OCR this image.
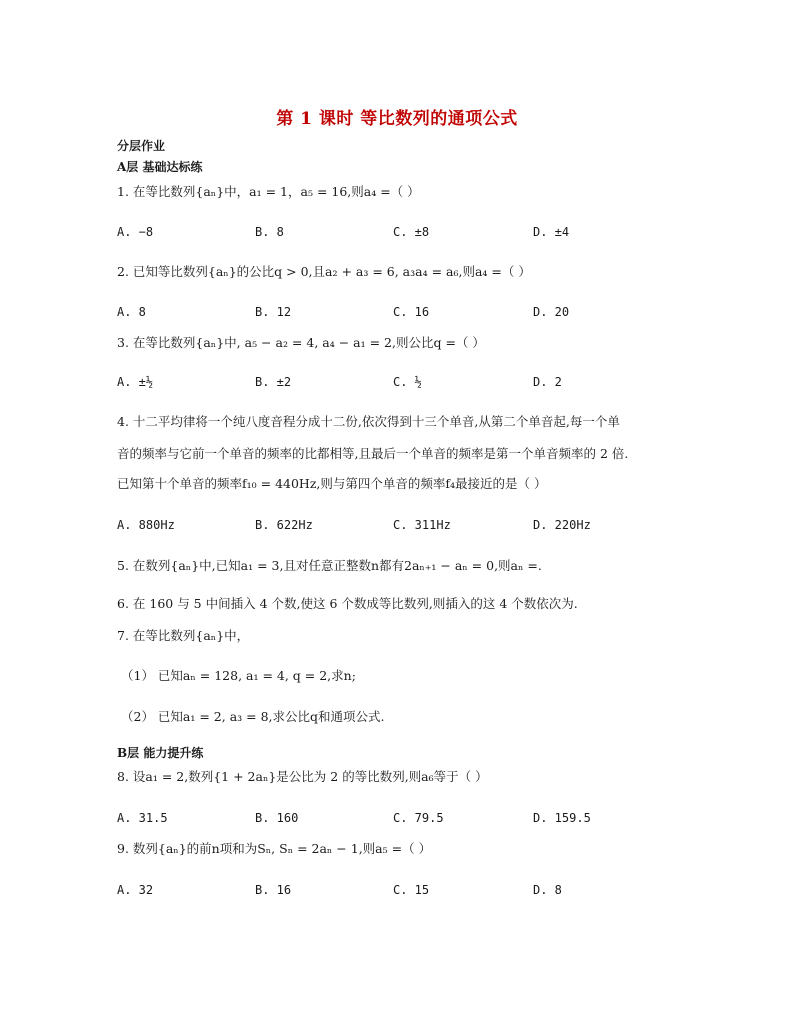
第 1 课时 等比数列的通项公式
分层作业
A层 基础达标练
1. 在等比数列{aₙ}中，a₁ = 1，a₅ = 16,则a₄ =（ ）
A. −8	B. 8	C. ±8	D. ±4
2. 已知等比数列{aₙ}的公比q > 0,且a₂ + a₃ = 6, a₃a₄ = a₆,则a₄ =（ ）
A. 8	B. 12	C. 16	D. 20
3. 在等比数列{aₙ}中, a₅ − a₂ = 4, a₄ − a₁ = 2,则公比q =（ ）
A. ±½	B. ±2	C. ½	D. 2
4. 十二平均律将一个纯八度音程分成十二份,依次得到十三个单音,从第二个单音起,每一个单
音的频率与它前一个单音的频率的比都相等,且最后一个单音的频率是第一个单音频率的 2 倍.
已知第十个单音的频率f₁₀ = 440Hz,则与第四个单音的频率f₄最接近的是（ ）
A. 880Hz	B. 622Hz	C. 311Hz	D. 220Hz
5. 在数列{aₙ}中,已知a₁ = 3,且对任意正整数n都有2aₙ₊₁ − aₙ = 0,则aₙ =.
6. 在 160 与 5 中间插入 4 个数,使这 6 个数成等比数列,则插入的这 4 个数依次为.
7. 在等比数列{aₙ}中，
（1） 已知aₙ = 128, a₁ = 4, q = 2,求n;
（2） 已知a₁ = 2, a₃ = 8,求公比q和通项公式.
B层 能力提升练
8. 设a₁ = 2,数列{1 + 2aₙ}是公比为 2 的等比数列,则a₆等于（ ）
A. 31.5	B. 160	C. 79.5	D. 159.5
9. 数列{aₙ}的前n项和为Sₙ, Sₙ = 2aₙ − 1,则a₅ =（ ）
A. 32	B. 16	C. 15	D. 8
